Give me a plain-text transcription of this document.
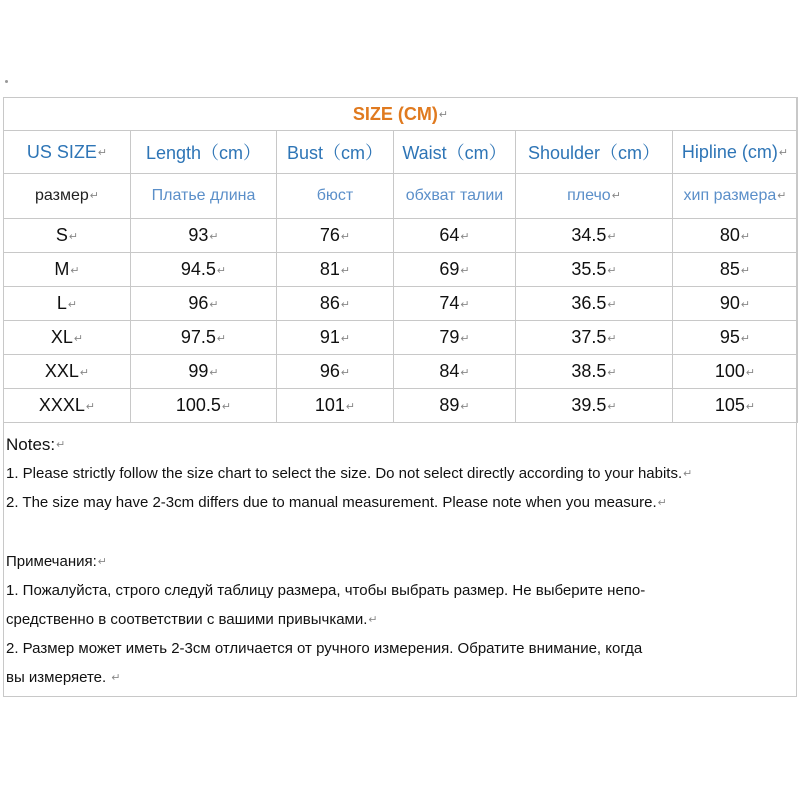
SIZE (CM)↵					
US SIZE↵	Length（cm）	Bust（cm）	Waist（cm）	Shoulder（cm）	Hipline (cm)↵
размер↵	Платье длина	бюст	обхват талии	плечо↵	хип размера↵
S↵	93↵	76↵	64↵	34.5↵	80↵
M↵	94.5↵	81↵	69↵	35.5↵	85↵
L↵	96↵	86↵	74↵	36.5↵	90↵
XL↵	97.5↵	91↵	79↵	37.5↵	95↵
XXL↵	99↵	96↵	84↵	38.5↵	100↵
XXXL↵	100.5↵	101↵	89↵	39.5↵	105↵
Notes:↵
1. Please strictly follow the size chart to select the size. Do not select directly according to your habits.↵
2. The size may have 2-3cm differs due to manual measurement. Please note when you measure.↵
Примечания:↵
1. Пожалуйста, строго следуй таблицу размера, чтобы выбрать размер. Не выберите непо-
средственно в соответствии с вашими привычками.↵
2. Размер может иметь 2-3см отличается от ручного измерения. Обратите внимание, когда
вы измеряете. ↵
